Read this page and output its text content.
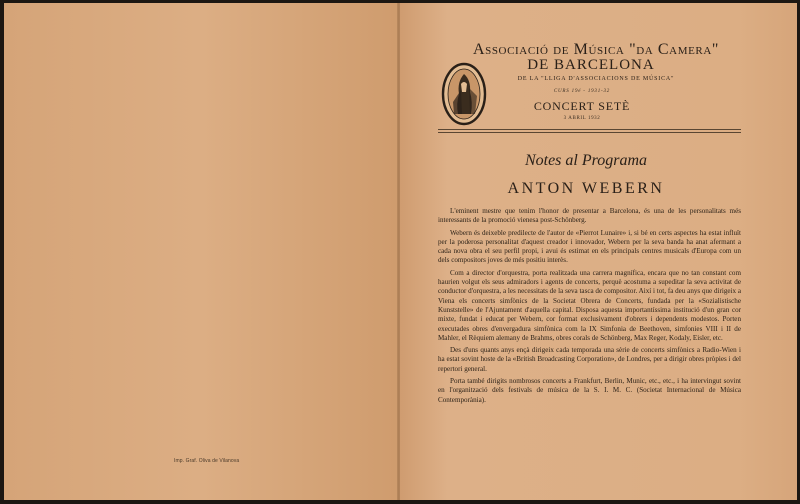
Imp. Graf. Oliva de Vilanova
Associació de Música "da Camera"
DE BARCELONA
DE LA "LLIGA D'ASSOCIACIONS DE MÚSICA"
CURS 19é - 1931-32
CONCERT SETÈ
3 ABRIL 1932
Notes al Programa
ANTON WEBERN

L'eminent mestre que tenim l'honor de presentar a Barcelona, és una de les personalitats més interessants de la promoció vienesa post-Schönberg.

Webern és deixeble predilecte de l'autor de «Pierrot Lunaire» i, si bé en certs aspectes ha estat influït per la poderosa personalitat d'aquest creador i innovador, Webern per la seva banda ha anat afermant a cada nova obra el seu perfil propi, i avui és estimat en els principals centres musicals d'Europa com un dels compositors joves de més positiu interès.

Com a director d'orquestra, porta realitzada una carrera magnífica, encara que no tan constant com haurien volgut els seus admiradors i agents de concerts, perquè acostuma a supeditar la seva activitat de conductor d'orquestra, a les necessitats de la seva tasca de compositor. Així i tot, fa deu anys que dirigeix a Viena els concerts simfònics de la Societat Obrera de Concerts, fundada per la «Sozialistische Kunststelle» de l'Ajuntament d'aquella capital. Disposa aquesta importantíssima institució d'un gran cor mixte, fundat i educat per Webern, cor format exclusivament d'obrers i dependents modestos. Porten executades obres d'envergadura simfònica com la IX Simfonia de Beethoven, simfonies VIII i II de Mahler, el Rèquiem alemany de Brahms, obres corals de Schönberg, Max Reger, Kodaly, Eisler, etc.

Des d'uns quants anys ençà dirigeix cada temporada una sèrie de concerts simfònics a Radio-Wien i ha estat sovint hoste de la «British Broadcasting Corporation», de Londres, per a dirigir obres pròpies i del repertori general.

Porta també dirigits nombrosos concerts a Frankfurt, Berlin, Munic, etc., etc., i ha intervingut sovint en l'organització dels festivals de música de la S. I. M. C. (Societat Internacional de Música Contemporània).
